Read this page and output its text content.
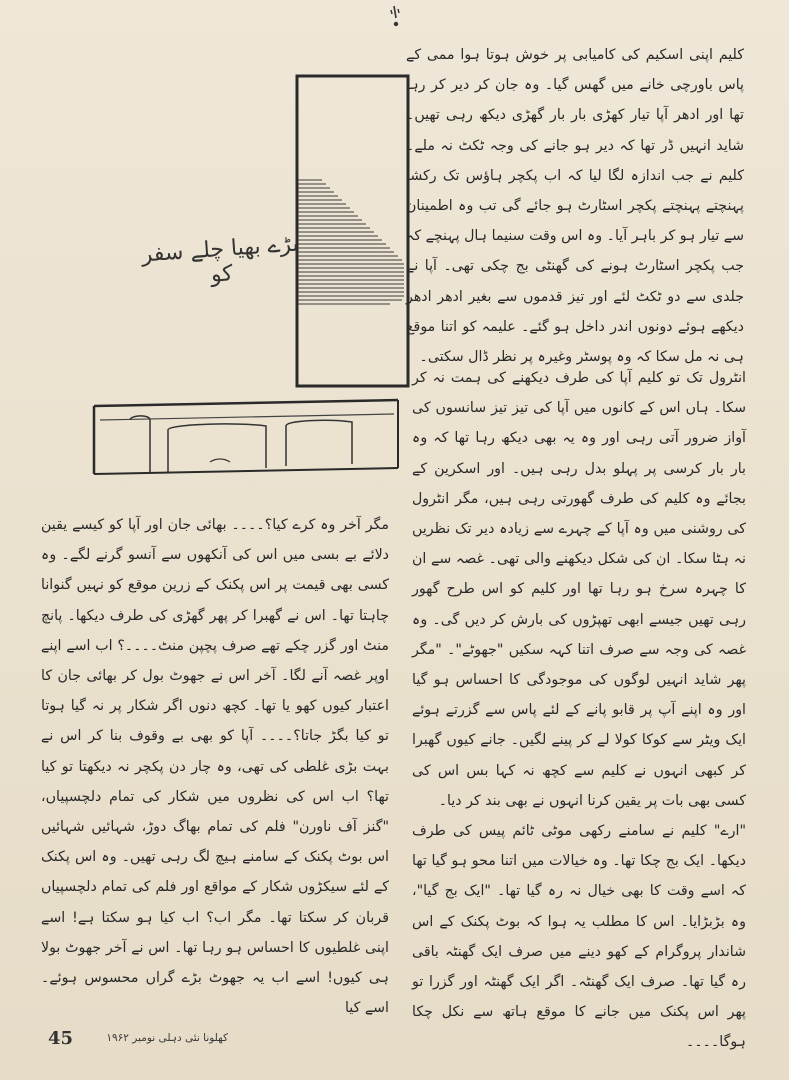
بڑے بھیا چلے سفر کو

کلیم اپنی اسکیم کی کامیابی پر خوش ہوتا ہوا ممی کے پاس باورچی خانے میں گھس گیا۔ وہ جان کر دیر کر رہا تھا اور ادھر آپا تیار کھڑی بار بار گھڑی دیکھ رہی تھیں۔ شاید انہیں ڈر تھا کہ دیر ہو جانے کی وجہ ٹکٹ نہ ملے۔ کلیم نے جب اندازہ لگا لیا کہ اب پکچر ہاؤس تک رکشا پہنچتے پہنچتے پکچر اسٹارٹ ہو جائے گی تب وہ اطمینان سے تیار ہو کر باہر آیا۔ وہ اس وقت سنیما ہال پہنچے کہ جب پکچر اسٹارٹ ہونے کی گھنٹی بج چکی تھی۔ آپا نے جلدی سے دو ٹکٹ لئے اور تیز قدموں سے بغیر ادھر ادھر دیکھے ہوئے دونوں اندر داخل ہو گئے۔ علیمہ کو اتنا موقع ہی نہ مل سکا کہ وہ پوسٹر وغیرہ پر نظر ڈال سکتی۔

انٹرول تک تو کلیم آپا کی طرف دیکھنے کی ہمت نہ کر سکا۔ ہاں اس کے کانوں میں آپا کی تیز تیز سانسوں کی آواز ضرور آتی رہی اور وہ یہ بھی دیکھ رہا تھا کہ وہ بار بار کرسی پر پہلو بدل رہی ہیں۔ اور اسکرین کے بجائے وہ کلیم کی طرف گھورتی رہی ہیں، مگر انٹرول کی روشنی میں وہ آپا کے چہرے سے زیادہ دیر تک نظریں نہ ہٹا سکا۔ ان کی شکل دیکھنے والی تھی۔ غصہ سے ان کا چہرہ سرخ ہو رہا تھا اور کلیم کو اس طرح گھور رہی تھیں جیسے ابھی تھپڑوں کی بارش کر دیں گی۔ وہ غصہ کی وجہ سے صرف اتنا کہہ سکیں "جھوٹے"۔ "مگر پھر شاید انہیں لوگوں کی موجودگی کا احساس ہو گیا اور وہ اپنے آپ پر قابو پانے کے لئے پاس سے گزرتے ہوئے ایک ویٹر سے کوکا کولا لے کر پینے لگیں۔ جانے کیوں گھبرا کر کبھی انہوں نے کلیم سے کچھ نہ کہا بس اس کی کسی بھی بات پر یقین کرنا انہوں نے بھی بند کر دیا۔

"ارے" کلیم نے سامنے رکھی موٹی ٹائم پیس کی طرف دیکھا۔ ایک بج چکا تھا۔ وہ خیالات میں اتنا محو ہو گیا تھا کہ اسے وقت کا بھی خیال نہ رہ گیا تھا۔ "ایک بج گیا"، وہ بڑبڑایا۔ اس کا مطلب یہ ہوا کہ بوٹ پکنک کے اس شاندار پروگرام کے کھو دینے میں صرف ایک گھنٹہ باقی رہ گیا تھا۔ صرف ایک گھنٹہ۔ اگر ایک گھنٹہ اور گزرا تو پھر اس پکنک میں جانے کا موقع ہاتھ سے نکل چکا ہوگا۔۔۔۔

مگر آخر وہ کرے کیا؟۔۔۔۔ بھائی جان اور آپا کو کیسے یقین دلائے بے بسی میں اس کی آنکھوں سے آنسو گرنے لگے۔ وہ کسی بھی قیمت پر اس پکنک کے زرین موقع کو نہیں گنوانا چاہتا تھا۔ اس نے گھبرا کر پھر گھڑی کی طرف دیکھا۔ پانچ منٹ اور گزر چکے تھے صرف پچپن منٹ۔۔۔۔؟ اب اسے اپنے اوپر غصہ آنے لگا۔ آخر اس نے جھوٹ بول کر بھائی جان کا اعتبار کیوں کھو یا تھا۔ کچھ دنوں اگر شکار پر نہ گیا ہوتا تو کیا بگڑ جاتا؟۔۔۔۔ آپا کو بھی بے وقوف بنا کر اس نے بہت بڑی غلطی کی تھی، وہ چار دن پکچر نہ دیکھتا تو کیا تھا؟ اب اس کی نظروں میں شکار کی تمام دلچسپیاں، "گنز آف ناورن" فلم کی تمام بھاگ دوڑ، شہائیں شہائیں اس بوٹ پکنک کے سامنے ہیچ لگ رہی تھیں۔ وہ اس پکنک کے لئے سیکڑوں شکار کے مواقع اور فلم کی تمام دلچسپیاں قربان کر سکتا تھا۔ مگر اب؟ اب کیا ہو سکتا ہے! اسے اپنی غلطیوں کا احساس ہو رہا تھا۔ اس نے آخر جھوٹ بولا ہی کیوں! اسے اب یہ جھوٹ بڑے گراں محسوس ہوئے۔ اسے کیا

کھلونا نئی دہلی نومبر ۱۹۶۲
45
